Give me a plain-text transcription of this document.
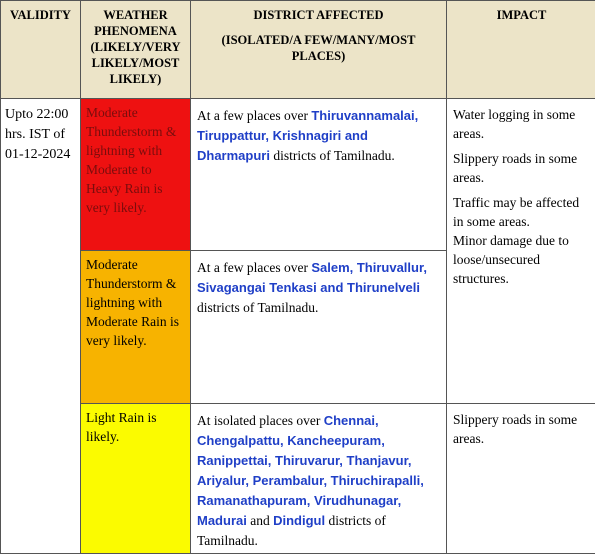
VALIDITY	WEATHER PHENOMENA (LIKELY/VERY LIKELY/MOST LIKELY)	DISTRICT AFFECTED
(ISOLATED/A FEW/MANY/MOST PLACES)	IMPACT

Upto 22:00 hrs. IST of 01-12-2024	Moderate Thunderstorm & lightning with Moderate to Heavy Rain is very likely.	At a few places over Thiruvannamalai, Tiruppattur, Krishnagiri and Dharmapuri districts of Tamilnadu.	Water logging in some areas.

Slippery roads in some areas.

Traffic may be affected in some areas.

Minor damage due to loose/unsecured structures.

	Moderate Thunderstorm & lightning with Moderate Rain is very likely.	At a few places over Salem, Thiruvallur, Sivagangai Tenkasi and Thirunelveli districts of Tamilnadu.	

	Light Rain is likely.	At isolated places over Chennai, Chengalpattu, Kancheepuram, Ranippettai, Thiruvarur, Thanjavur, Ariyalur, Perambalur, Thiruchirapalli, Ramanathapuram, Virudhunagar, Madurai and Dindigul districts of Tamilnadu.	Slippery roads in some areas.
